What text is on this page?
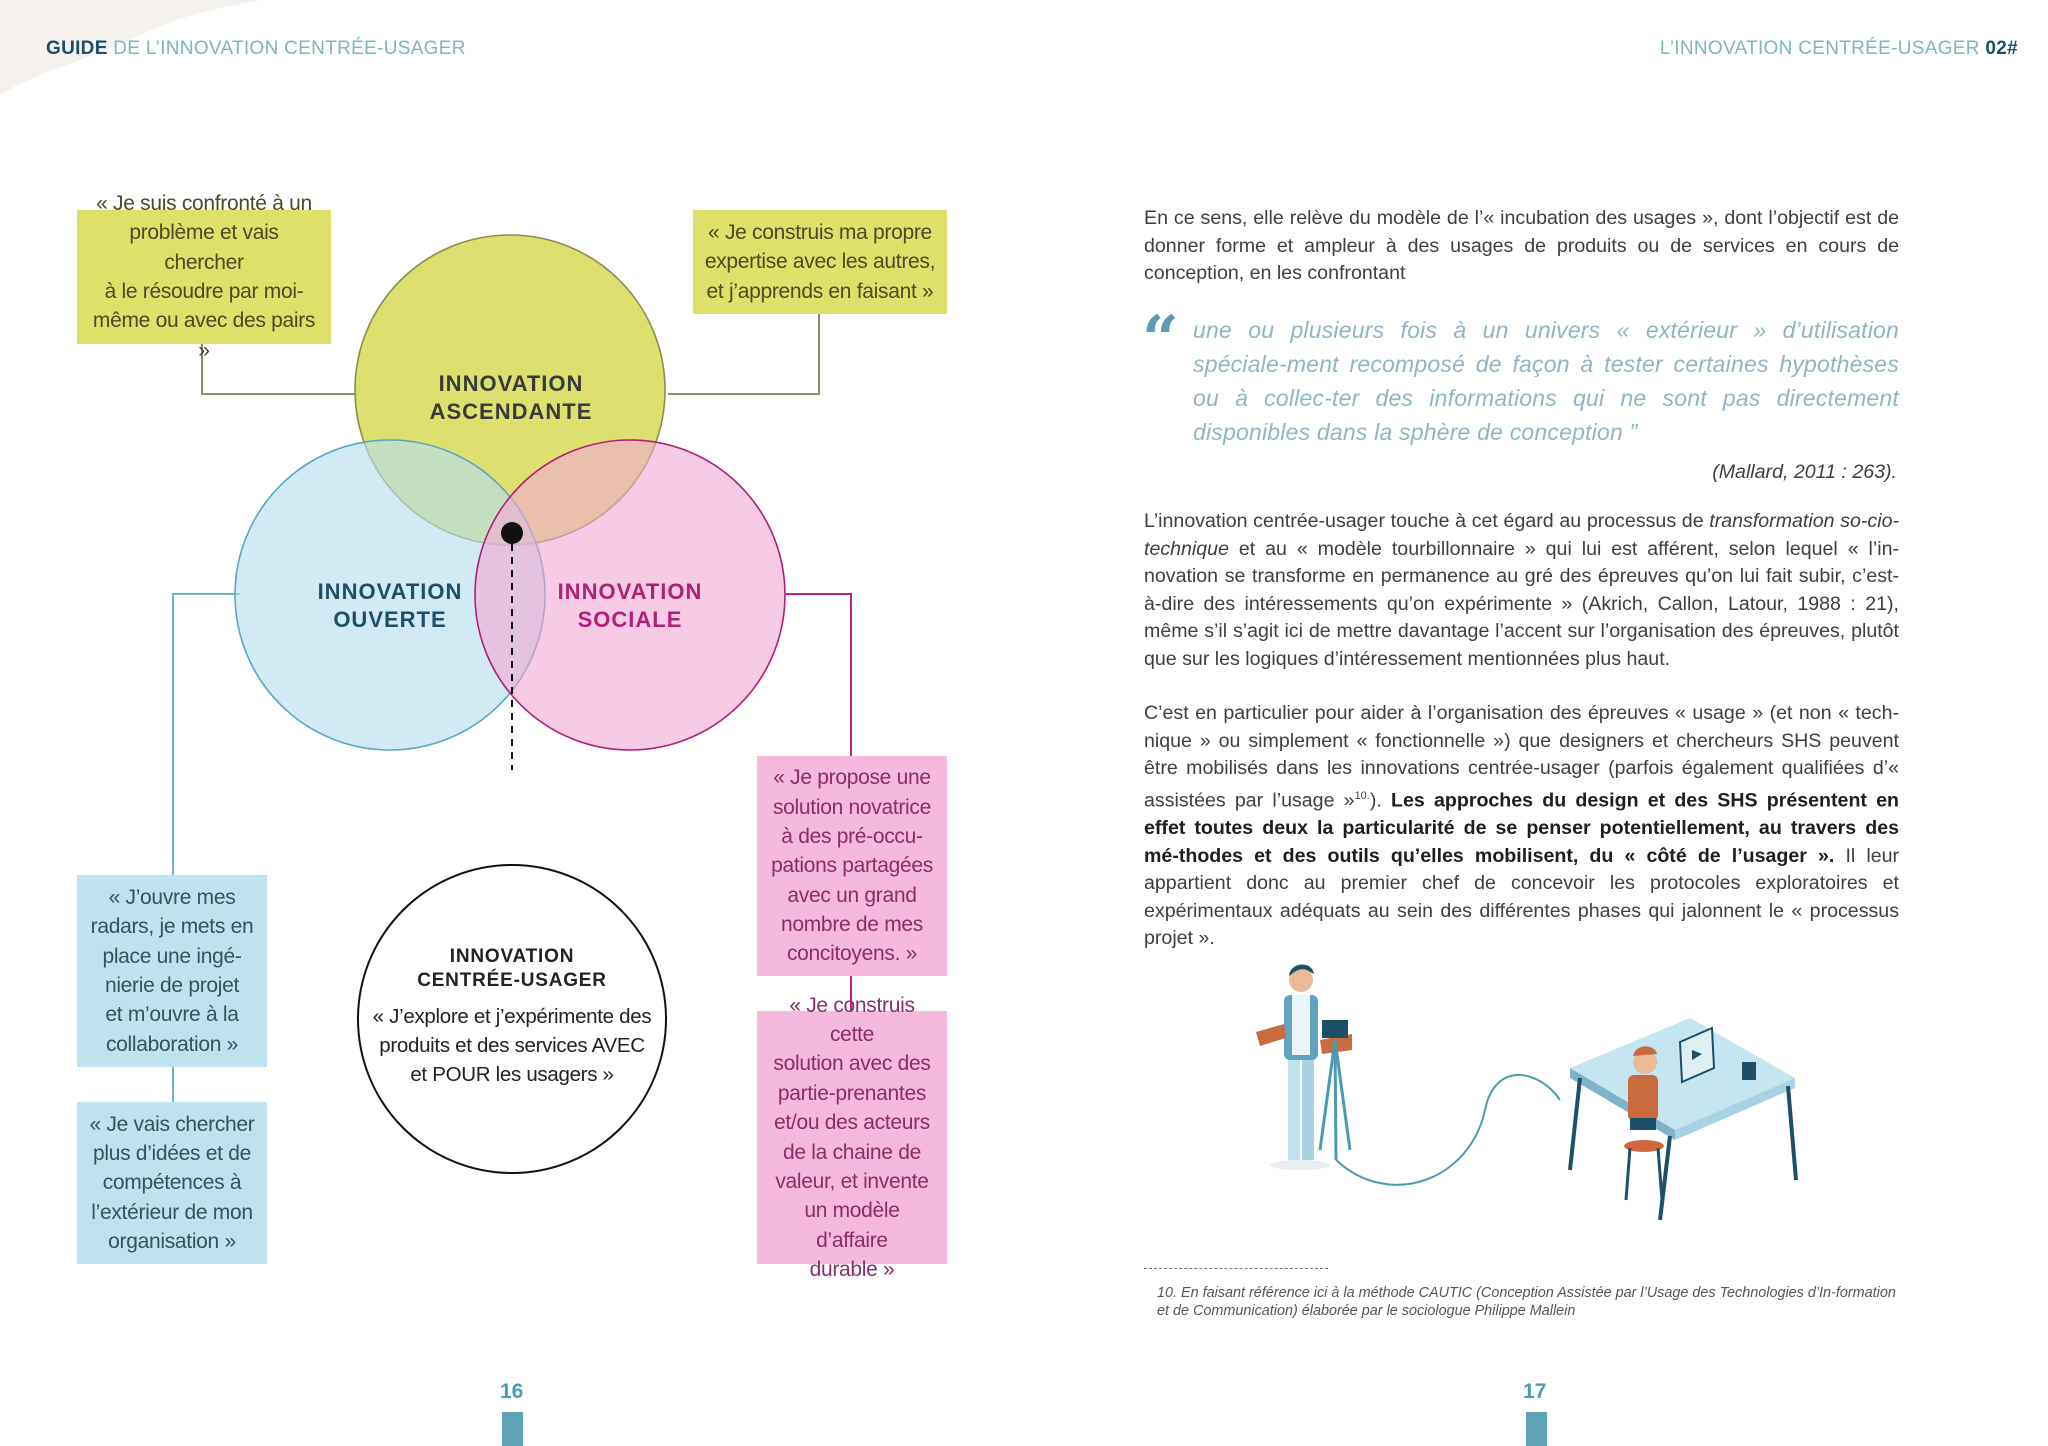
GUIDE DE L’INNOVATION CENTRÉE-USAGER	L’INNOVATION CENTRÉE-USAGER 02#
INNOVATION
ASCENDANTE
INNOVATION
OUVERTE
INNOVATION
SOCIALE
INNOVATION
CENTRÉE-USAGER
« J’explore et j’expérimente des
produits et des services AVEC
et POUR les usagers »
« Je suis confronté à un
problème et vais chercher
à le résoudre par moi-
même ou avec des pairs »
« Je construis ma propre
expertise avec les autres,
et j’apprends en faisant »
« J’ouvre mes
radars, je mets en
place une ingé-
nierie de projet
et m’ouvre à la
collaboration »
« Je vais chercher
plus d’idées et de
compétences à
l’extérieur de mon
organisation »
« Je propose une
solution novatrice
à des pré-occu-
pations partagées
avec un grand
nombre de mes
concitoyens. »
« Je construis cette
solution avec des
partie-prenantes
et/ou des acteurs
de la chaine de
valeur, et invente
un modèle d’affaire
durable »
En ce sens, elle relève du modèle de l’« incubation des usages », dont l’objectif est de donner forme et ampleur à des usages de produits ou de services en cours de conception, en les confrontant
“ une ou plusieurs fois à un univers « extérieur » d’utilisation spéciale-ment recomposé de façon à tester certaines hypothèses ou à collec-ter des informations qui ne sont pas directement disponibles dans la sphère de conception ”
(Mallard, 2011 : 263).
L’innovation centrée-usager touche à cet égard au processus de transformation so-cio-technique et au « modèle tourbillonnaire » qui lui est afférent, selon lequel « l’in-novation se transforme en permanence au gré des épreuves qu’on lui fait subir, c’est-à-dire des intéressements qu’on expérimente » (Akrich, Callon, Latour, 1988 : 21), même s’il s’agit ici de mettre davantage l’accent sur l’organisation des épreuves, plutôt que sur les logiques d’intéressement mentionnées plus haut.
C’est en particulier pour aider à l’organisation des épreuves « usage » (et non « tech-nique » ou simplement « fonctionnelle ») que designers et chercheurs SHS peuvent être mobilisés dans les innovations centrée-usager (parfois également qualifiées d’« assistées par l’usage »$^{10.}$). Les approches du design et des SHS présentent en effet toutes deux la particularité de se penser potentiellement, au travers des mé-thodes et des outils qu’elles mobilisent, du « côté de l’usager ». Il leur appartient donc au premier chef de concevoir les protocoles exploratoires et expérimentaux adéquats au sein des différentes phases qui jalonnent le « processus projet ».
10. En faisant référence ici à la méthode CAUTIC (Conception Assistée par l’Usage des Technologies d’In-formation et de Communication) élaborée par le sociologue Philippe Mallein
16	17
